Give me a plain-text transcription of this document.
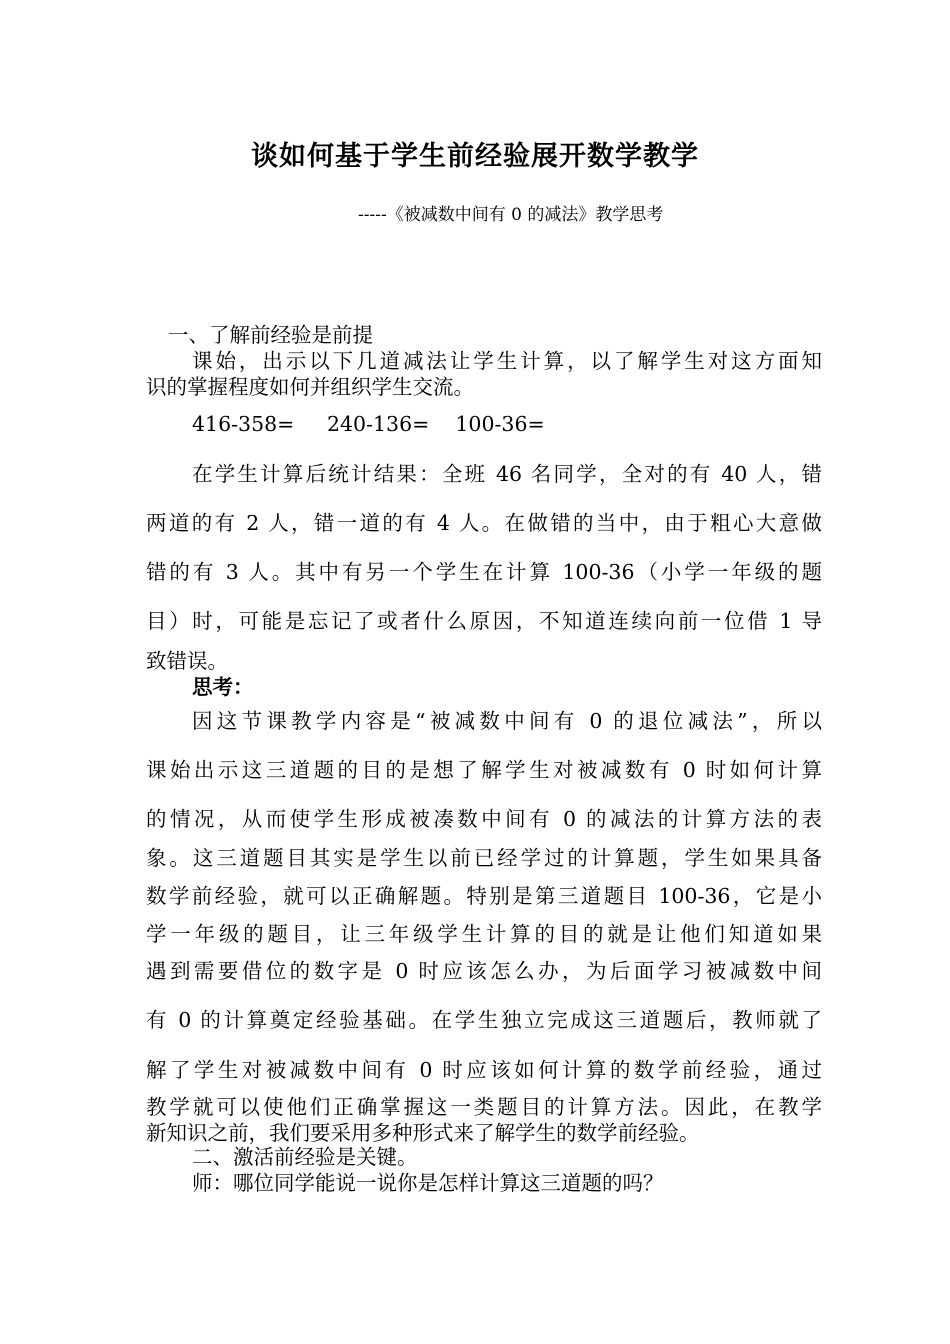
谈如何基于学生前经验展开数学教学
-----《被减数中间有 0 的减法》教学思考
一、了解前经验是前提
课始，出示以下几道减法让学生计算，以了解学生对这方面知
识的掌握程度如何并组织学生交流。
416-358=     240-136=    100-36=
在学生计算后统计结果：全班 46 名同学，全对的有 40 人，错
两道的有 2 人，错一道的有 4 人。在做错的当中，由于粗心大意做
错的有 3 人。其中有另一个学生在计算 100-36（小学一年级的题
目）时，可能是忘记了或者什么原因，不知道连续向前一位借 1 导
致错误。
思考：
因这节课教学内容是“被减数中间有 0 的退位减法”，所以
课始出示这三道题的目的是想了解学生对被减数有 0 时如何计算
的情况，从而使学生形成被凑数中间有 0 的减法的计算方法的表
象。这三道题目其实是学生以前已经学过的计算题，学生如果具备
数学前经验，就可以正确解题。特别是第三道题目 100-36，它是小
学一年级的题目，让三年级学生计算的目的就是让他们知道如果
遇到需要借位的数字是 0 时应该怎么办，为后面学习被减数中间
有 0 的计算奠定经验基础。在学生独立完成这三道题后，教师就了
解了学生对被减数中间有 0 时应该如何计算的数学前经验，通过
教学就可以使他们正确掌握这一类题目的计算方法。因此，在教学
新知识之前，我们要采用多种形式来了解学生的数学前经验。
二、激活前经验是关键。
师：哪位同学能说一说你是怎样计算这三道题的吗？
